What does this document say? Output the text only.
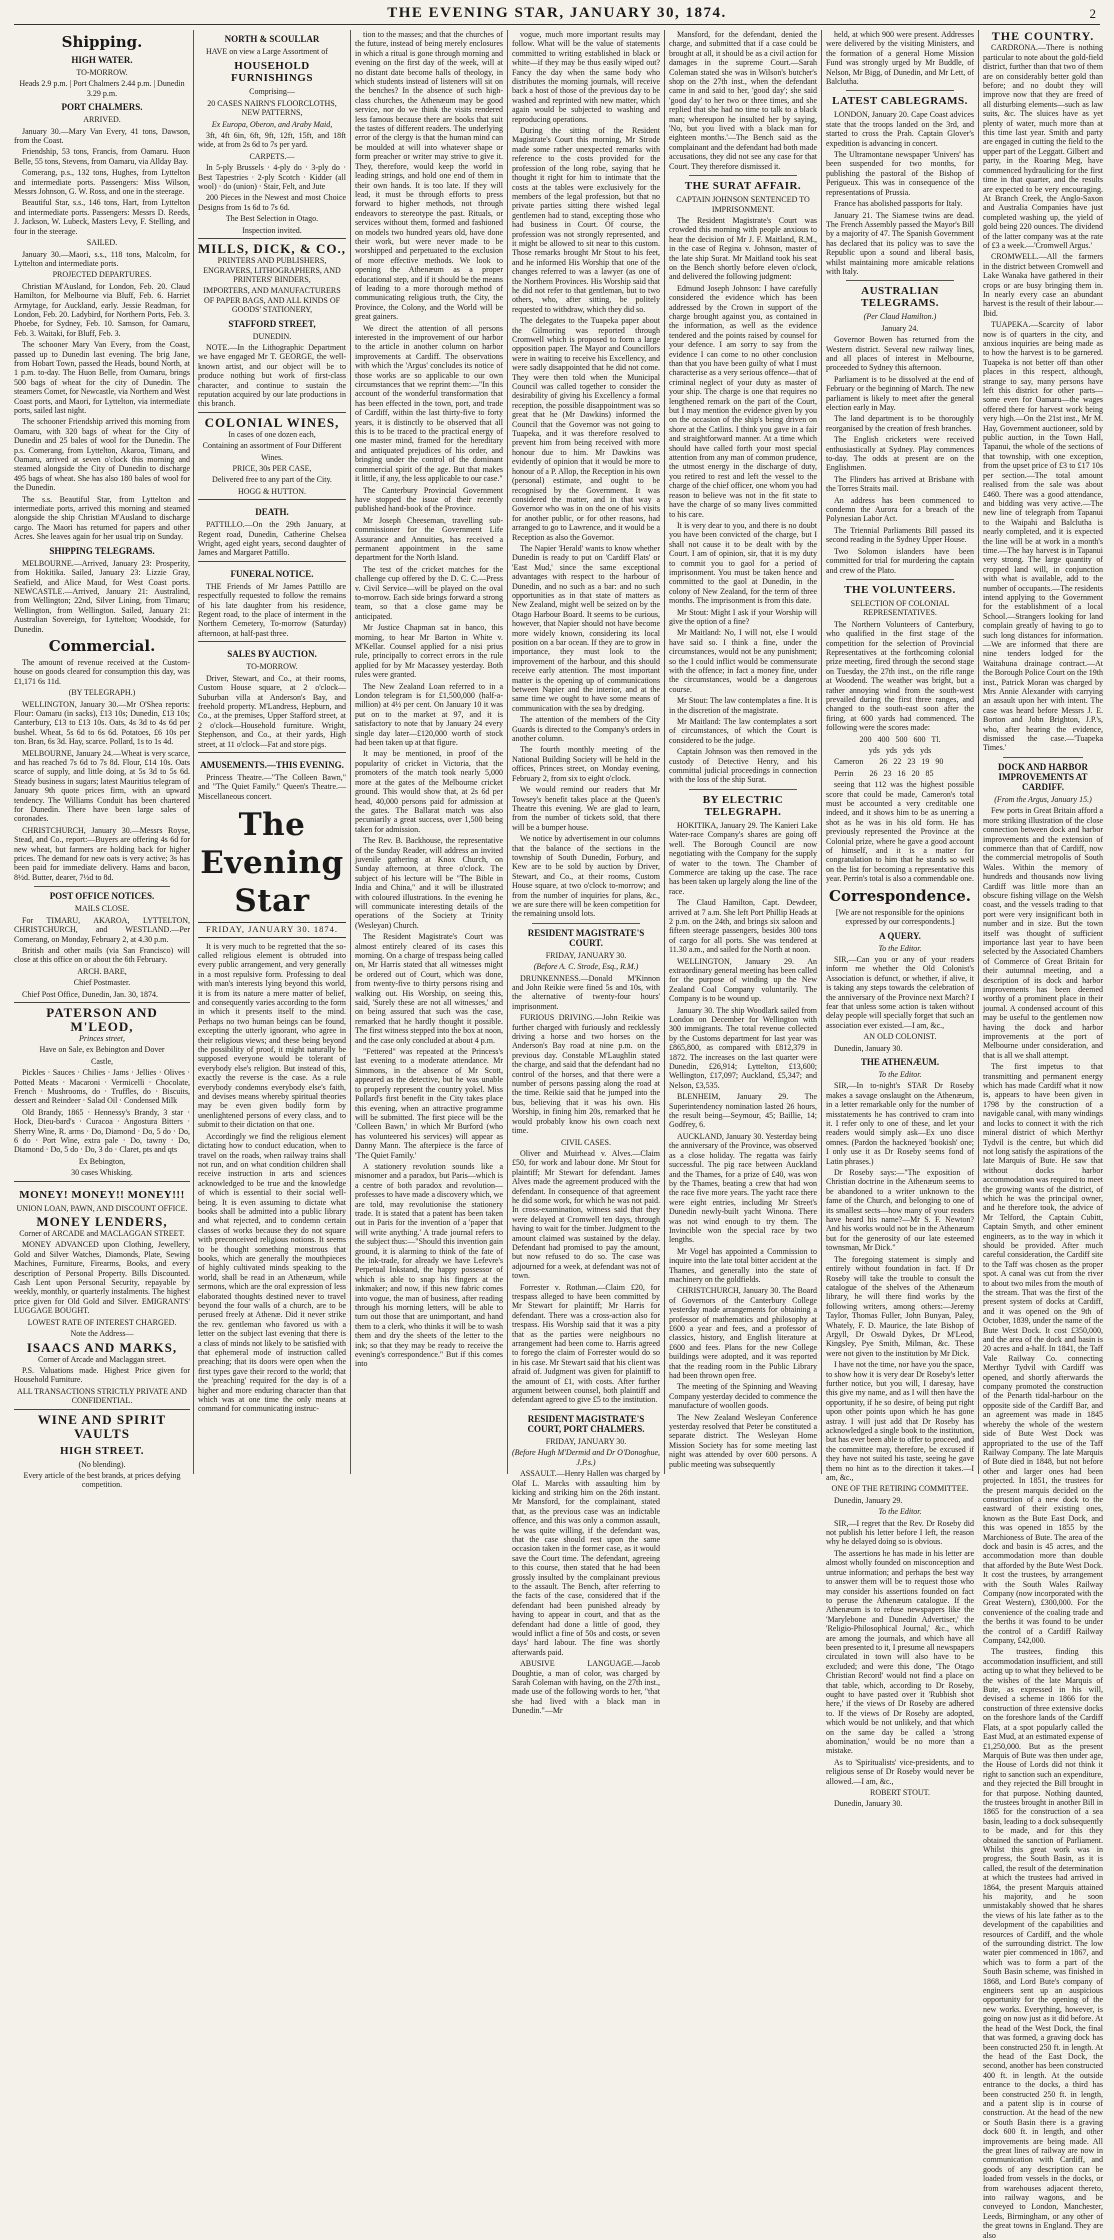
THE EVENING STAR, JANUARY 30, 1874.	2
Shipping.
HIGH WATER.

TO-MORROW.

Heads 2.9 p.m. | Port Chalmers 2.44 p.m. | Dunedin 3.29 p.m.

PORT CHALMERS.

ARRIVED.

January 30.—Mary Van Every, 41 tons, Dawson, from the Coast.

Friendship, 53 tons, Francis, from Oamaru. Huon Belle, 55 tons, Stevens, from Oamaru, via Allday Bay.

Comerang, p.s., 132 tons, Hughes, from Lyttelton and intermediate ports. Passengers: Miss Wilson, Messrs Johnson, G. W. Ross, and one in the steerage.

Beautiful Star, s.s., 146 tons, Hart, from Lyttelton and intermediate ports. Passengers: Messrs D. Reeds, J. Jackson, W. Lubeck, Masters Levy, F. Stelling, and four in the steerage.

SAILED.

January 30.—Maori, s.s., 118 tons, Malcolm, for Lyttelton and intermediate ports.

PROJECTED DEPARTURES.

Christian M'Ausland, for London, Feb. 20. Claud Hamilton, for Melbourne via Bluff, Feb. 6. Harriet Armytage, for Auckland, early. Jessie Readman, for London, Feb. 20. Ladybird, for Northern Ports, Feb. 3. Phoebe, for Sydney, Feb. 10. Samson, for Oamaru, Feb. 3. Waitaki, for Bluff, Feb. 3.

The schooner Mary Van Every, from the Coast, passed up to Dunedin last evening. The brig Jane, from Hobart Town, passed the Heads, bound North, at 1 p.m. to-day. The Huon Belle, from Oamaru, brings 500 bags of wheat for the city of Dunedin. The steamers Comet, for Newcastle, via Northern and West Coast ports, and Maori, for Lyttelton, via intermediate ports, sailed last night.

The schooner Friendship arrived this morning from Oamaru, with 320 bags of wheat for the City of Dunedin and 25 bales of wool for the Dunedin. The p.s. Comerang, from Lyttelton, Akaroa, Timaru, and Oamaru, arrived at seven o'clock this morning and steamed alongside the City of Dunedin to discharge 495 bags of wheat. She has also 180 bales of wool for the Dunedin.

The s.s. Beautiful Star, from Lyttelton and intermediate ports, arrived this morning and steamed alongside the ship Christian M'Ausland to discharge cargo. The Maori has returned for papers and other Acres. She leaves again for her usual trip on Sunday.

SHIPPING TELEGRAMS.

MELBOURNE.—Arrived, January 23: Prosperity, from Hokitika. Sailed, January 23: Lizzie Gray, Seafield, and Alice Maud, for West Coast ports. NEWCASTLE.—Arrived, January 21: Australind, from Wellington; 22nd, Silver Lining, from Timaru; Wellington, from Wellington. Sailed, January 21: Australian Sovereign, for Lyttelton; Woodside, for Dunedin.

Commercial.

The amount of revenue received at the Custom-house on goods cleared for consumption this day, was £1,171 6s 11d.

(BY TELEGRAPH.)

WELLINGTON, January 30.—Mr O'Shea reports: Flour: Oamaru (in sacks), £13 10s; Dunedin, £13 10s; Canterbury, £13 to £13 10s. Oats, 4s 3d to 4s 6d per bushel. Wheat, 5s 6d to 6s 6d. Potatoes, £6 10s per ton. Bran, 6s 3d. Hay, scarce. Pollard, 1s to 1s 4d.

MELBOURNE, January 24.—Wheat is very scarce, and has reached 7s 6d to 7s 8d. Flour, £14 10s. Oats scarce of supply, and little doing, at 5s 3d to 5s 6d. Steady business in sugars; latest Mauritius telegram of January 9th quote prices firm, with an upward tendency. The Williams Conduit has been chartered for Dunedin. There have been large sales of coronades.

CHRISTCHURCH, January 30.—Messrs Royse, Stead, and Co., report:—Buyers are offering 4s 6d for new wheat, but farmers are holding back for higher prices. The demand for new oats is very active; 3s has been paid for immediate delivery. Hams and bacon, 8½d. Butter, dearer, 7½d to 8d.

POST OFFICE NOTICES.

MAILS CLOSE.

For TIMARU, AKAROA, LYTTELTON, CHRISTCHURCH, and WESTLAND.—Per Comerang, on Monday, February 2, at 4.30 p.m.

British and other mails (via San Francisco) will close at this office on or about the 6th February.

ARCH. BARE,

Chief Postmaster.

Chief Post Office, Dunedin, Jan. 30, 1874.

PATERSON AND M'LEOD,

Princes street,

Have on Sale, ex Bebington and Dover

Castle,

Pickles · Sauces · Chilies · Jams · Jellies · Olives · Potted Meats · Macaroni · Vermicelli · Chocolate, French · Mushrooms, do · Truffles, do · Biscuits, dessert and Reindeer · Salad Oil · Condensed Milk

Old Brandy, 1865 · Hennessy's Brandy, 3 star · Hock, Dieu-bard's · Curacoa · Angostura Bitters · Sherry Wine, R. arms · Do, Diamond · Do, 5 do · Do, 6 do · Port Wine, extra pale · Do, tawny · Do, Diamond · Do, 5 do · Do, 3 do · Claret, pts and qts

Ex Bebington,

30 cases Whisking.

MONEY! MONEY!! MONEY!!!

UNION LOAN, PAWN, AND DISCOUNT OFFICE.

MONEY LENDERS,

Corner of ARCADE and MACLAGGAN STREET.

MONEY ADVANCED upon Clothing, Jewellery, Gold and Silver Watches, Diamonds, Plate, Sewing Machines, Furniture, Firearms, Books, and every description of Personal Property. Bills Discounted. Cash Lent upon Personal Security, repayable by weekly, monthly, or quarterly instalments. The highest price given for Old Gold and Silver. EMIGRANTS' LUGGAGE BOUGHT.

LOWEST RATE OF INTEREST CHARGED.

Note the Address—

ISAACS AND MARKS,

Corner of Arcade and Maclaggan street.

P.S. Valuations made. Highest Price given for Household Furniture.

ALL TRANSACTIONS STRICTLY PRIVATE AND CONFIDENTIAL.

WINE AND SPIRIT VAULTS
HIGH STREET.

(No blending).

Every article of the best brands, at prices defying competition.

NORTH & SCOULLAR

HAVE on view a Large Assortment of

HOUSEHOLD FURNISHINGS

Comprising—

20 CASES NAIRN'S FLOORCLOTHS, NEW PATTERNS,

Ex Europa, Oberon, and Araby Maid,

3ft, 4ft 6in, 6ft, 9ft, 12ft, 15ft, and 18ft wide, at from 2s 6d to 7s per yard.

CARPETS.—

In 5-ply Brussels · 4-ply do · 3-ply do · Best Tapestries · 2-ply Scotch · Kidder (all wool) · do (union) · Stair, Felt, and Jute

200 Pieces in the Newest and most Choice Designs from 1s 6d to 7s 6d.

The Best Selection in Otago.

Inspection invited.

MILLS, DICK, & CO.,

PRINTERS AND PUBLISHERS, ENGRAVERS, LITHOGRAPHERS, AND PRINTERS' BINDERS,

IMPORTERS, AND MANUFACTURERS OF PAPER BAGS, AND ALL KINDS OF GOODS' STATIONERY,

STAFFORD STREET,

DUNEDIN.

NOTE.—In the Lithographic Department we have engaged Mr T. GEORGE, the well-known artist, and our object will be to produce nothing but work of first-class character, and continue to sustain the reputation acquired by our late productions in this branch.

COLONIAL WINES,

In cases of one dozen each,

Containing an assortment of Four Different

Wines.

PRICE, 30s PER CASE,

Delivered free to any part of the City.

HOGG & HUTTON.

DEATH.

PATTILLO.—On the 29th January, at Regent road, Dunedin, Catherine Chelsea Wright, aged eight years, second daughter of James and Margaret Pattillo.

FUNERAL NOTICE.

THE Friends of Mr James Pattillo are respectfully requested to follow the remains of his late daughter from his residence, Regent road, to the place of interment in the Northern Cemetery, To-morrow (Saturday) afternoon, at half-past three.

SALES BY AUCTION.

TO-MORROW.

Driver, Stewart, and Co., at their rooms, Custom House square, at 2 o'clock—Suburban villa at Anderson's Bay, and freehold property. M'Landress, Hepburn, and Co., at the premises, Upper Stafford street, at 2 o'clock—Household furniture. Wright, Stephenson, and Co., at their yards, High street, at 11 o'clock—Fat and store pigs.

AMUSEMENTS.—THIS EVENING.

Princess Theatre.—"The Colleen Bawn," and "The Quiet Family." Queen's Theatre.—Miscellaneous concert.

The Evening Star
FRIDAY, JANUARY 30. 1874.

It is very much to be regretted that the so-called religious element is obtruded into every public arrangement, and very generally in a most repulsive form. Professing to deal with man's interests lying beyond this world, it is from its nature a mere matter of belief, and consequently varies according to the form in which it presents itself to the mind. Perhaps no two human beings can be found, excepting the utterly ignorant, who agree in their religious views; and these being beyond the possibility of proof, it might naturally be supposed everyone would be tolerant of everybody else's religion. But instead of this, exactly the reverse is the case. As a rule everybody condemns everybody else's faith, and devises means whereby spiritual theories may be even given bodily form by unenlightened persons of every class, and to submit to their dictation on that one.

Accordingly we find the religious element dictating how to conduct education, when to travel on the roads, when railway trains shall not run, and on what condition children shall receive instruction in arts and sciences acknowledged to be true and the knowledge of which is essential to their social well-being. It is even assuming to dictate what books shall be admitted into a public library and what rejected, and to condemn certain classes of works because they do not square with preconceived religious notions. It seems to be thought something monstrous that books, which are generally the mouthpieces of highly cultivated minds speaking to the world, shall be read in an Athenæum, while sermons, which are the oral expression of less elaborated thoughts destined never to travel beyond the four walls of a church, are to be perused freely at Athenæ. Did it never strike the rev. gentleman who favored us with a letter on the subject last evening that there is a class of minds not likely to be satisfied with that ephemeral mode of instruction called preaching; that its doors were open when the first types gave their record to the world; that the 'preaching' required for the day is of a higher and more enduring character than that which was at one time the only means at command for communicating instruc-

tion to the masses; and that the churches of the future, instead of being merely enclosures in which a ritual is gone through morning and evening on the first day of the week, will at no distant date become halls of theology, in which students instead of listeners will sit on the benches? In the absence of such high-class churches, the Athenæum may be good service, nor do we think the visits rendered less famous because there are books that suit the tastes of different readers. The underlying error of the clergy is that the human mind can be moulded at will into whatever shape or form preacher or writer may strive to give it. They, therefore, would keep the world in leading strings, and hold one end of them in their own hands. It is too late. If they will lead, it must be through efforts to press forward to higher methods, not through endeavors to stereotype the past. Rituals, or services without them, formed and fashioned on models two hundred years old, have done their work, but were never made to be worshipped and perpetuated to the exclusion of more effective methods. We look to opening the Athenæum as a proper educational step, and if it should be the means of leading to a more thorough method of communicating religious truth, the City, the Province, the Colony, and the World will be great gainers.

We direct the attention of all persons interested in the improvement of our harbor to the article in another column on harbor improvements at Cardiff. The observations with which the 'Argus' concludes its notice of those works are so applicable to our own circumstances that we reprint them:—"In this account of the wonderful transformation that has been effected in the town, port, and trade of Cardiff, within the last thirty-five to forty years, it is distinctly to be observed that all this is to be traced to the practical energy of one master mind, framed for the hereditary and antiquated prejudices of his order, and bringing under the control of the dominant commercial spirit of the age. But that makes it little, if any, the less applicable to our case."

The Canterbury Provincial Government have stopped the issue of their recently published hand-book of the Province.

Mr Joseph Cheeseman, travelling sub-commissioner for the Government Life Assurance and Annuities, has received a permanent appointment in the same department for the North Island.

The test of the cricket matches for the challenge cup offered by the D. C. C.—Press v. Civil Service—will be played on the oval to-morrow. Each side brings forward a strong team, so that a close game may be anticipated.

Mr Justice Chapman sat in banco, this morning, to hear Mr Barton in White v. M'Kellar. Counsel applied for a nisi prius rule, principally to correct errors in the rule applied for by Mr Macassey yesterday. Both rules were granted.

The New Zealand Loan referred to in a London telegram is for £1,500,000 (half-a-million) at 4½ per cent. On January 10 it was put on to the market at 97, and it is satisfactory to note that by January 24 every single day later—£120,000 worth of stock had been taken up at that figure.

It may be mentioned, in proof of the popularity of cricket in Victoria, that the promoters of the match took nearly 5,000 more at the gates of the Melbourne cricket ground. This would show that, at 2s 6d per head, 40,000 persons paid for admission at the gates. The Ballarat match was also pecuniarily a great success, over 1,500 being taken for admission.

The Rev. B. Backhouse, the representative of the Sunday Reader, will address an invited juvenile gathering at Knox Church, on Sunday afternoon, at three o'clock. The subject of his lecture will be "The Bible in India and China," and it will be illustrated with coloured illustrations. In the evening he will communicate interesting details of the operations of the Society at Trinity (Wesleyan) Church.

The Resident Magistrate's Court was almost entirely cleared of its cases this morning. On a charge of trespass being called on, Mr Harris stated that all witnesses might be ordered out of Court, which was done, from twenty-five to thirty persons rising and walking out. His Worship, on seeing this, said, 'Surely these are not all witnesses,' and on being assured that such was the case, remarked that he hardly thought it possible. The first witness stepped into the box at noon, and the case only concluded at about 4 p.m.

"Fettered" was repeated at the Princess's last evening to a moderate attendance. Mr Simmons, in the absence of Mr Scott, appeared as the detective, but he was unable to properly represent the country yokel. Miss Pollard's first benefit in the City takes place this evening, when an attractive programme will be submitted. The first piece will be the 'Colleen Bawn,' in which Mr Burford (who has volunteered his services) will appear as Danny Mann. The afterpiece is the farce of 'The Quiet Family.'

A stationery revolution sounds like a misnomer and a paradox, but Paris—which is a centre of both paradox and revolution—professes to have made a discovery which, we are told, may revolutionise the stationery trade. It is stated that a patent has been taken out in Paris for the invention of a 'paper that will write anything.' A trade journal refers to the subject thus:—"Should this invention gain ground, it is alarming to think of the fate of the ink-trade, for already we have Lefevre's Perpetual Inkstand, the happy possessor of which is able to snap his fingers at the inkmaker; and now, if this new fabric comes into vogue, the man of business, after reading through his morning letters, will be able to turn out those that are unimportant, and hand them to a clerk, who thinks it will be to wash them and dry the sheets of the letter to the ink; so that they may be ready to receive the evening's correspondence." But if this comes into

vogue, much more important results may follow. What will be the value of statements committed to writing established in black or white—if they may be thus easily wiped out? Fancy the day when the same body who distributes the morning journals, will receive back a host of those of the previous day to be washed and reprinted with new matter, which again would be subjected to washing and reproducing operations.

During the sitting of the Resident Magistrate's Court this morning, Mr Strode made some rather unexpected remarks with reference to the costs provided for the profession of the long robe, saying that he thought it right for him to intimate that the costs at the tables were exclusively for the members of the legal profession, but that no private parties sitting there wished legal gentlemen had to stand, excepting those who had business in Court. Of course, the profession was not strongly represented, and it might be allowed to sit near to this custom. Those remarks brought Mr Stout to his feet, and he informed His Worship that one of the changes referred to was a lawyer (as one of the Northern Provinces. His Worship said that he did not refer to that gentleman, but to two others, who, after sitting, be politely requested to withdraw, which they did so.

The delegates to the Tuapeka paper about the Gilmoring was reported through Cromwell which is proposed to form a large opposition paper. The Mayor and Councillors were in waiting to receive his Excellency, and were sadly disappointed that he did not come. They were then told when the Municipal Council was called together to consider the desirability of giving his Excellency a formal reception, the possible disappointment was so great that he (Mr Dawkins) informed the Council that the Governor was not going to Tuapeka, and it was therefore resolved to prevent him from being received with more honour due to him. Mr Dawkins was evidently of opinion that it would be more to honour of a P. Allop, the Reception in his own (personal) estimate, and ought to be recognised by the Government. It was considered the matter, and in that way a Governor who was in on the one of his visits for another public, or for other reasons, had arranged to go to Lawrence, and it would be a Reception as also the Governor.

The Napier 'Herald' wants to know whether Dunedin is ready to put on 'Cardiff Flats' or 'East Mud,' since the same exceptional advantages with respect to the harbour of Dunedin, and no such as a bar: and no such opportunities as in that state of matters as New Zealand, might well be seized on by the Otago Harbour Board. It seems to be curious, however, that Napier should not have become more widely known, considering its local position on a bar ocean. If they are to grow in importance, they must look to the improvement of the harbour, and this should receive early attention. The most important matter is the opening up of communications between Napier and the interior, and at the same time we ought to have some means of communication with the sea by dredging.

The attention of the members of the City Guards is directed to the Company's orders in another column.

The fourth monthly meeting of the National Building Society will be held in the offices, Princes street, on Monday evening, February 2, from six to eight o'clock.

We would remind our readers that Mr Towsey's benefit takes place at the Queen's Theatre this evening. We are glad to learn, from the number of tickets sold, that there will be a bumper house.

We notice by advertisement in our columns that the balance of the sections in the township of South Dunedin, Forbury, and Kew are to be sold by auction by Driver, Stewart, and Co., at their rooms, Custom House square, at two o'clock to-morrow; and from the number of inquiries for plans, &c., we are sure there will be keen competition for the remaining unsold lots.

RESIDENT MAGISTRATE'S COURT.

FRIDAY, JANUARY 30.

(Before A. C. Strode, Esq., R.M.)

DRUNKENNESS.—Donald M'Kinnon and John Reikie were fined 5s and 10s, with the alternative of twenty-four hours' imprisonment.

FURIOUS DRIVING.—John Reikie was further charged with furiously and recklessly driving a horse and two horses on the Anderson's Bay road at nine p.m. on the previous day. Constable M'Laughlin stated the charge, and said that the defendant had no control of the horses, and that there were a number of persons passing along the road at the time. Reikie said that he jumped into the bus, believing that it was his own. His Worship, in fining him 20s, remarked that he would probably know his own coach next time.

CIVIL CASES.

Oliver and Muirhead v. Alves.—Claim £50, for work and labour done. Mr Stout for plaintiff; Mr Stewart for defendant. James Alves made the agreement produced with the defendant. In consequence of that agreement he did some work, for which he was not paid. In cross-examination, witness said that they were delayed at Cromwell ten days, through having to wait for the timber. Judgment to the amount claimed was sustained by the delay. Defendant had promised to pay the amount, but now refused to do so. The case was adjourned for a week, at defendant was not of town.

Forrester v. Rothman.—Claim £20, for trespass alleged to have been committed by Mr Stewart for plaintiff; Mr Harris for defendant. There was a cross-action also for trespass. His Worship said that it was a pity that as the parties were neighbours no arrangement had been come to. Harris agreed to forego the claim of Forrester would do so in his case. Mr Stewart said that his client was afraid of. Judgment was given for plaintiff to the amount of £1, with costs. After further argument between counsel, both plaintiff and defendant agreed to give £5 to the institution.

RESIDENT MAGISTRATE'S COURT, PORT CHALMERS.

FRIDAY, JANUARY 30.

(Before Hugh M'Dermid and Dr O'Donoghue, J.P.s.)

ASSAULT.—Henry Hallen was charged by Olaf L. Marcks with assaulting him by kicking and striking him on the 26th instant. Mr Mansford, for the complainant, stated that, as the previous case was an indictable offence, and this was only a common assault, he was quite willing, if the defendant was, that the case should rest upon the same occasion taken in the former case, as it would save the Court time. The defendant, agreeing to this course, then stated that he had been grossly insulted by the complainant previous to the assault. The Bench, after referring to the facts of the case, considered that if the defendant had been punished already by having to appear in court, and that as the defendant had done a little of good, they would inflict a fine of 50s and costs, or seven days' hard labour. The fine was shortly afterwards paid.

ABUSIVE LANGUAGE.—Jacob Doughtie, a man of color, was charged by Sarah Coleman with having, on the 27th inst., made use of the following words to her, "that she had lived with a black man in Dunedin."—Mr

Mansford, for the defendant, denied the charge, and submitted that if a case could be brought at all, it should be as a civil action for damages in the supreme Court.—Sarah Coleman stated she was in Wilson's butcher's shop on the 27th inst., when the defendant came in and said to her, 'good day'; she said 'good day' to her two or three times, and she replied that she had no time to talk to a black man; whereupon he insulted her by saying, 'No, but you lived with a black man for eighteen months.'—The Bench said as the complainant and the defendant had both made accusations, they did not see any case for that Court. They therefore dismissed it.

THE SURAT AFFAIR.

CAPTAIN JOHNSON SENTENCED TO IMPRISONMENT.

The Resident Magistrate's Court was crowded this morning with people anxious to hear the decision of Mr J. F. Maitland, R.M., in the case of Regina v. Johnson, master of the late ship Surat. Mr Maitland took his seat on the Bench shortly before eleven o'clock, and delivered the following judgment:

Edmund Joseph Johnson: I have carefully considered the evidence which has been addressed by the Crown in support of the charge brought against you, as contained in the information, as well as the evidence tendered and the points raised by counsel for your defence. I am sorry to say from the evidence I can come to no other conclusion than that you have been guilty of what I must characterise as a very serious offence—that of criminal neglect of your duty as master of your ship. The charge is one that requires no lengthened remark on the part of the Court, but I may mention the evidence given by you on the occasion of the ship's being driven on shore at the Catlins. I think you gave in a fair and straightforward manner. At a time which should have called forth your most special attention from any man of common prudence, the utmost energy in the discharge of duty, you retired to rest and left the vessel to the charge of the chief officer, one whom you had reason to believe was not in the fit state to have the charge of so many lives committed to his care.

It is very dear to you, and there is no doubt you have been convicted of the charge, but I shall not cause it to be dealt with by the Court. I am of opinion, sir, that it is my duty to commit you to gaol for a period of imprisonment. You must be taken hence and committed to the gaol at Dunedin, in the colony of New Zealand, for the term of three months. The imprisonment is from this date.

Mr Stout: Might I ask if your Worship will give the option of a fine?

Mr Maitland: No, I will not, else I would have said so. I think a fine, under the circumstances, would not be any punishment; so the I could inflict would be commensurate with the offence; in fact a money fine, under the circumstances, would be a dangerous course.

Mr Stout: The law contemplates a fine. It is in the discretion of the magistrate.

Mr Maitland: The law contemplates a sort of circumstances, of which the Court is considered to be the judge.

Captain Johnson was then removed in the custody of Detective Henry, and his committal judicial proceedings in connection with the loss of the ship Surat.

BY ELECTRIC TELEGRAPH.

HOKITIKA, January 29. The Kanieri Lake Water-race Company's shares are going off well. The Borough Council are now negotiating with the Company for the supply of water to the town. The Chamber of Commerce are taking up the case. The race has been taken up largely along the line of the race.

The Claud Hamilton, Capt. Dewdeer, arrived at 7 a.m. She left Port Phillip Heads at 2 p.m. on the 24th, and brings six saloon and fifteen steerage passengers, besides 300 tons of cargo for all ports. She was tendered at 11.30 a.m., and sailed for the North at noon.

WELLINGTON, January 29. An extraordinary general meeting has been called for the purpose of winding up the New Zealand Coal Company voluntarily. The Company is to be wound up.

January 30. The ship Woodlark sailed from London on December for Wellington with 300 immigrants. The total revenue collected by the Customs department for last year was £865,800, as compared with £812,379 in 1872. The increases on the last quarter were Dunedin, £26,914; Lyttelton, £13,600; Wellington, £17,097; Auckland, £5,347; and Nelson, £3,535.

BLENHEIM, January 29. The Superintendency nomination lasted 26 hours, the result being—Seymour, 45; Baillie, 14; Godfrey, 6.

AUCKLAND, January 30. Yesterday being the anniversary of the Province, was observed as a close holiday. The regatta was fairly successful. The pig race between Auckland and the Thames, for a prize of £40, was won by the Thames, beating a crew that had won the race five more years. The yacht race there were eight entries, including Mr Street's Dunedin newly-built yacht Winona. There was not wind enough to try them. The Invincible won the special race by two lengths.

Mr Vogel has appointed a Commission to inquire into the late total bitter accident at the Thames, and generally into the state of machinery on the goldfields.

CHRISTCHURCH, January 30. The Board of Governors of the Canterbury College yesterday made arrangements for obtaining a professor of mathematics and philosophy at £600 a year and fees, and a professor of classics, history, and English literature at £600 and fees. Plans for the new College buildings were adopted, and it was reported that the reading room in the Public Library had been thrown open free.

The meeting of the Spinning and Weaving Company yesterday decided to commence the manufacture of woollen goods.

The New Zealand Wesleyan Conference yesterday resolved that Peter be constituted a separate district. The Wesleyan Home Mission Society has for some meeting last night was attended by over 600 persons. A public meeting was subsequently

held, at which 900 were present. Addresses were delivered by the visiting Ministers, and the formation of a general Home Mission Fund was strongly urged by Mr Buddle, of Nelson, Mr Bigg, of Dunedin, and Mr Lett, of Balclutha.

LATEST CABLEGRAMS.

LONDON, January 20. Cape Coast advices state that the troops landed on the 3rd, and started to cross the Prah. Captain Glover's expedition is advancing in concert.

The Ultramontane newspaper 'Univers' has been suspended for two months, for publishing the pastoral of the Bishop of Perigueux. This was in consequence of the representations of Prussia.

France has abolished passports for Italy.

January 21. The Siamese twins are dead. The French Assembly passed the Mayor's Bill by a majority of 47. The Spanish Government has declared that its policy was to save the Republic upon a sound and liberal basis, whilst maintaining more amicable relations with Italy.

AUSTRALIAN TELEGRAMS.

(Per Claud Hamilton.)

January 24.

Governor Bowen has returned from the Western district. Several new railway lines, and all places of interest in Melbourne, proceeded to Sydney this afternoon.

Parliament is to be dissolved at the end of February or the beginning of March. The new parliament is likely to meet after the general election early in May.

The land department is to be thoroughly reorganised by the creation of fresh branches.

The English cricketers were received enthusiastically at Sydney. Play commences to-day. The odds at present are on the Englishmen.

The Flinders has arrived at Brisbane with the Torres Straits mail.

An address has been commenced to condemn the Aurora for a breach of the Polynesian Labor Act.

The Triennial Parliaments Bill passed its second reading in the Sydney Upper House.

Two Solomon islanders have been committed for trial for murdering the captain and crew of the Plato.

THE VOLUNTEERS.

SELECTION OF COLONIAL REPRESENTATIVES.

The Northern Volunteers of Canterbury, who qualified in the first stage of the competition for the selection of Provincial Representatives at the forthcoming colonial prize meeting, fired through the second stage on Tuesday, the 27th inst., on the rifle range at Woodend. The weather was bright, but a rather annoying wind from the south-west prevailed during the first three ranges, and changed to the south-east soon after the firing, at 600 yards had commenced. The following were the scores made:

200   400   500   600   Tl.

yds   yds   yds   yds

Cameron        26   22   23   19   90

Perrin        26   23   16   20   85

seeing that 112 was the highest possible score that could be made, Cameron's total must be accounted a very creditable one indeed, and it shows him to be as unerring a shot as he was in his old form. He has previously represented the Province at the Colonial prize, where he gave a good account of himself, and it is a matter for congratulation to him that he stands so well on the list for becoming a representative this year. Perrin's total is also a commendable one.

Correspondence.

[We are not responsible for the opinions expressed by our correspondents.]

A QUERY.

To the Editor.

SIR,—Can you or any of your readers inform me whether the Old Colonist's Association is defunct, or whether, if alive, it is taking any steps towards the celebration of the anniversary of the Province next March? I fear that unless some action is taken without delay people will specially forget that such an association ever existed.—I am, &c.,

AN OLD COLONIST.

Dunedin, January 30.

THE ATHENÆUM.

To the Editor.

SIR,—In to-night's STAR Dr Roseby makes a savage onslaught on the Athenæum, in a letter remarkable only for the number of misstatements he has contrived to cram into it. I refer only to one of these, and let your readers would simply ask—Ex uno disce omnes. (Pardon the hackneyed 'bookish' one; I only use it as Dr Roseby seems fond of Latin phrases.)

Dr Roseby says:—"The exposition of Christian doctrine in the Athenæum seems to be abandoned to a writer unknown to the fame of the Church, and belonging to one of its smallest sects—how many of your readers have heard his name?—Mr S. F. Newton? And his works would not be in the Athenæum but for the generosity of our late esteemed townsman, Mr Dick."

The foregoing statement is simply and entirely without foundation in fact. If Dr Roseby will take the trouble to consult the catalogue of the shelves of the Athenæum library, he will there find works by the following writers, among others:—Jeremy Taylor, Thomas Fuller, John Bunyan, Paley, Whately, F. D. Maurice, the late Bishop of Argyll, Dr Oswald Dykes, Dr M'Leod, Kingsley, Pye Smith, Milman, &c. These were not given to the institution by Mr Dick.

I have not the time, nor have you the space, to show how it is very dear Dr Roseby's letter further notice, but you will, I daresay, have this give my name, and as I will then have the opportunity, if he so desire, of being put right upon other points upon which he has gone astray. I will just add that Dr Roseby has acknowledged a single book to the institution, but has ever been able to offer to proceed, and the committee may, therefore, be excused if they have not suited his taste, seeing he gave them no hint as to the direction it takes.—I am, &c.,

ONE OF THE RETIRING COMMITTEE.

Dunedin, January 29.

To the Editor.

SIR,—I regret that the Rev. Dr Roseby did not publish his letter before I left, the reason why he delayed doing so is obvious.

The assertions he has made in his letter are almost wholly founded on misconception and untrue information; and perhaps the best way to answer them will be to request those who may consider his assertions founded on fact to peruse the Athenæum catalogue. If the Athenæum is to refuse newspapers like the 'Marylebone and Dunedin Advertiser,' the 'Religio-Philosophical Journal,' &c., which are among the journals, and which have all been presented to it, I presume all newspapers circulated in town will also have to be excluded; and were this done, 'The Otago Christian Record' would not find a place on that table, which, according to Dr Roseby, ought to have pasted over it 'Rubbish shot here,' if the views of Dr Roseby are adhered to. If the views of Dr Roseby are adopted, which would be not unlikely, and that which on the same day be called a 'strong abomination,' would be no more than a mistake.

As to 'Spiritualists' vice-presidents, and to religious sense of Dr Roseby would never be allowed.—I am, &c.,

ROBERT STOUT.

Dunedin, January 30.

THE COUNTRY.

CARDRONA.—There is nothing particular to note about the gold-field district, further than that two of them are on considerably better gold than before; and no doubt they will improve now that they are freed of all disturbing elements—such as law suits, &c. The sluices have as yet plenty of water, much more than at this time last year. Smith and party are engaged in cutting the field to the upper part of the Leggatt. Gilbert and party, in the Roaring Meg, have commenced hydraulicing for the first time in that quarter, and the results are expected to be very encouraging. At Branch Creek, the Anglo-Saxon and Australia Companies have just completed washing up, the yield of gold being 220 ounces. The dividend of the latter company was at the rate of £3 a week.—'Cromwell Argus.'

CROMWELL.—All the farmers in the district between Cromwell and Lake Wanaka have gathered in their crops or are busy bringing them in. In nearly every case an abundant harvest is the result of their labour.—Ibid.

TUAPEKA.—Scarcity of labor now is of quarters in the city, and anxious inquiries are being made as to how the harvest is to be garnered. Tuapeka is not better off than other places in this respect, although, strange to say, many persons have left this district for other parts—some even for Oamaru—the wages offered there for harvest work being very high.—On the 21st inst., Mr M. Hay, Government auctioneer, sold by public auction, in the Town Hall, Tapanui, the whole of the sections of that township, with one exception, from the upset price of £3 to £17 10s per section.—The total amount realised from the sale was about £460. There was a good attendance, and bidding was very active.—The new line of telegraph from Tapanui to the Waipahi and Balclutha is nearly completed, and it is expected the line will be at work in a month's time.—The hay harvest is in Tapanui very strong. The large quantity of cropped land will, in conjunction with what is available, add to the number of occupants.—The residents intend applying to the Government for the establishment of a local School.—Strangers looking for land complain greatly of having to go to such long distances for information.—We are informed that there are nine tenders lodged for the Waitahuna drainage contract.—At the Borough Police Court on the 19th inst., Patrick Moran was charged by Mrs Annie Alexander with carrying an assault upon her with intent. The case was heard before Messrs J. E. Borton and John Brighton, J.P.'s, who, after hearing the evidence, dismissed the case.—'Tuapeka Times.'

DOCK AND HARBOR IMPROVEMENTS AT CARDIFF.

(From the Argus, January 15.)

Few ports in Great Britain afford a more striking illustration of the close connection between dock and harbor improvements and the extension of commerce than that of Cardiff, now the commercial metropolis of South Wales. Within the memory of hundreds and thousands now living Cardiff was little more than an obscure fishing village on the Welsh coast, and the vessels trading to that port were very insignificant both in number and in size. But the town itself was thought of sufficient importance last year to have been selected by the Associated Chambers of Commerce of Great Britain for their autumnal meeting, and a description of its dock and harbor improvements has been deemed worthy of a prominent place in their journal. A condensed account of this may be useful to the gentlemen now having the dock and harbor improvements at the port of Melbourne under consideration, and that is all we shall attempt.

The first impetus to that transmitting and permanent energy which has made Cardiff what it now is, appears to have been given in 1798 by the construction of a navigable canal, with many windings and locks to connect it with the rich mineral district of which Merthyr Tydvil is the centre, but which did not long satisfy the aspirations of the late Marquis of Bute. He saw that without docks harbor accommodation was required to meet the growing wants of the district, of which he was the principal owner, and he therefore took, the advice of Mr Telford, the Captain Cubitt, Captain Smyth, and other eminent engineers, as to the way in which it should be provided. After much careful consideration, the Cardiff site to the Taff was chosen as the proper spot. A canal was cut from the river to about two miles from the mouth of the stream. That was the first of the present system of docks at Cardiff, and it was opened on the 9th of October, 1839, under the name of the Bute West Dock. It cost £350,000, and the area of the dock and basin is 20 acres and a-half. In 1841, the Taff Vale Railway Co. connecting Merthyr Tydvil with Cardiff was opened, and shortly afterwards the company promoted the construction of the Penarth tidal-harbour on the opposite side of the Cardiff Bar, and an agreement was made in 1845 whereby the whole of the western side of Bute West Dock was appropriated to the use of the Taff Railway Company. The late Marquis of Bute died in 1848, but not before other and larger ones had been projected. In 1851, the trustees for the present marquis decided on the construction of a new dock to the eastward of their existing ones, known as the Bute East Dock, and this was opened in 1855 by the Marchioness of Bute. The area of the dock and basin is 45 acres, and the accommodation more than double that afforded by the Bute West Dock. It cost the trustees, by arrangement with the South Wales Railway Company (now incorporated with the Great Western), £300,000. For the convenience of the coaling trade and the berths it was found to be under the control of a Cardiff Railway Company, £42,000.

The trustees, finding this accommodation insufficient, and still acting up to what they believed to be the wishes of the late Marquis of Bute, as expressed in his will, devised a scheme in 1866 for the construction of three extensive docks on the foreshore lands of the Cardiff Flats, at a spot popularly called the East Mud, at an estimated expense of £1,250,000. But as the present Marquis of Bute was then under age, the House of Lords did not think it right to sanction such an expenditure, and they rejected the Bill brought in for that purpose. Nothing daunted, the trustees brought in another Bill in 1865 for the construction of a sea basin, leading to a dock subsequently to be made, and for this they obtained the sanction of Parliament. Whilst this great work was in progress, the South Basin, as it is called, the result of the determination at which the trustees had arrived in 1864, the present Marquis attained his majority, and he soon unmistakably showed that he shares the views of his late father as to the development of the capabilities and resources of Cardiff, and the whole of the surrounding district. The low water pier commenced in 1867, and which was to form a part of the South Basin scheme, was finished in 1868, and Lord Bute's company of engineers sent up an auspicious opportunity for the opening of the new works. Everything, however, is going on now just as it did before. At the head of the West Dock, the final that was formed, a graving dock has been constructed 250 ft. in length. At the head of the East Dock, the second, another has been constructed 400 ft. in length. At the outside entrance to the docks, a third has been constructed 250 ft. in length, and a patent slip is in course of construction. At the head of the new or South Basin there is a graving dock 600 ft. in length, and other improvements are being made. All the great lines of railway are now in communication with Cardiff, and goods of any description can be loaded from vessels in the docks, or from warehouses adjacent thereto, into railway wagons, and be conveyed to London, Manchester, Leeds, Birmingham, or any other of the great towns in England. They are also
